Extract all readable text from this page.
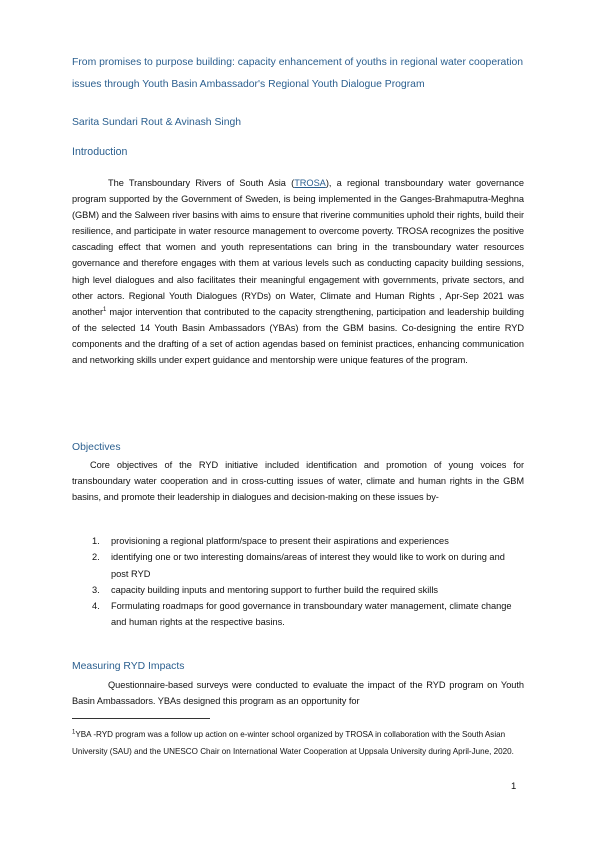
From promises to purpose building: capacity enhancement of youths in regional water cooperation issues through Youth Basin Ambassador's Regional Youth Dialogue Program
Sarita Sundari Rout & Avinash Singh
Introduction

The Transboundary Rivers of South Asia (TROSA), a regional transboundary water governance program supported by the Government of Sweden, is being implemented in the Ganges-Brahmaputra-Meghna (GBM) and the Salween river basins with aims to ensure that riverine communities uphold their rights, build their resilience, and participate in water resource management to overcome poverty. TROSA recognizes the positive cascading effect that women and youth representations can bring in the transboundary water resources governance and therefore engages with them at various levels such as conducting capacity building sessions, high level dialogues and also facilitates their meaningful engagement with governments, private sectors, and other actors. Regional Youth Dialogues (RYDs) on Water, Climate and Human Rights , Apr-Sep 2021 was another$^1$ major intervention that contributed to the capacity strengthening, participation and leadership building of the selected 14 Youth Basin Ambassadors (YBAs) from the GBM basins. Co-designing the entire RYD components and the drafting of a set of action agendas based on feminist practices, enhancing communication and networking skills under expert guidance and mentorship were unique features of the program.

Objectives

Core objectives of the RYD initiative included identification and promotion of young voices for transboundary water cooperation and in cross-cutting issues of water, climate and human rights in the GBM basins, and promote their leadership in dialogues and decision-making on these issues by-

1. provisioning a regional platform/space to present their aspirations and experiences
2. identifying one or two interesting domains/areas of interest they would like to work on during and post RYD
3. capacity building inputs and mentoring support to further build the required skills
4. Formulating roadmaps for good governance in transboundary water management, climate change and human rights at the respective basins.
Measuring RYD Impacts

Questionnaire-based surveys were conducted to evaluate the impact of the RYD program on Youth Basin Ambassadors. YBAs designed this program as an opportunity for

$^1$YBA -RYD program was a follow up action on e-winter school organized by TROSA in collaboration with the South Asian University (SAU) and the UNESCO Chair on International Water Cooperation at Uppsala University during April-June, 2020.

1
